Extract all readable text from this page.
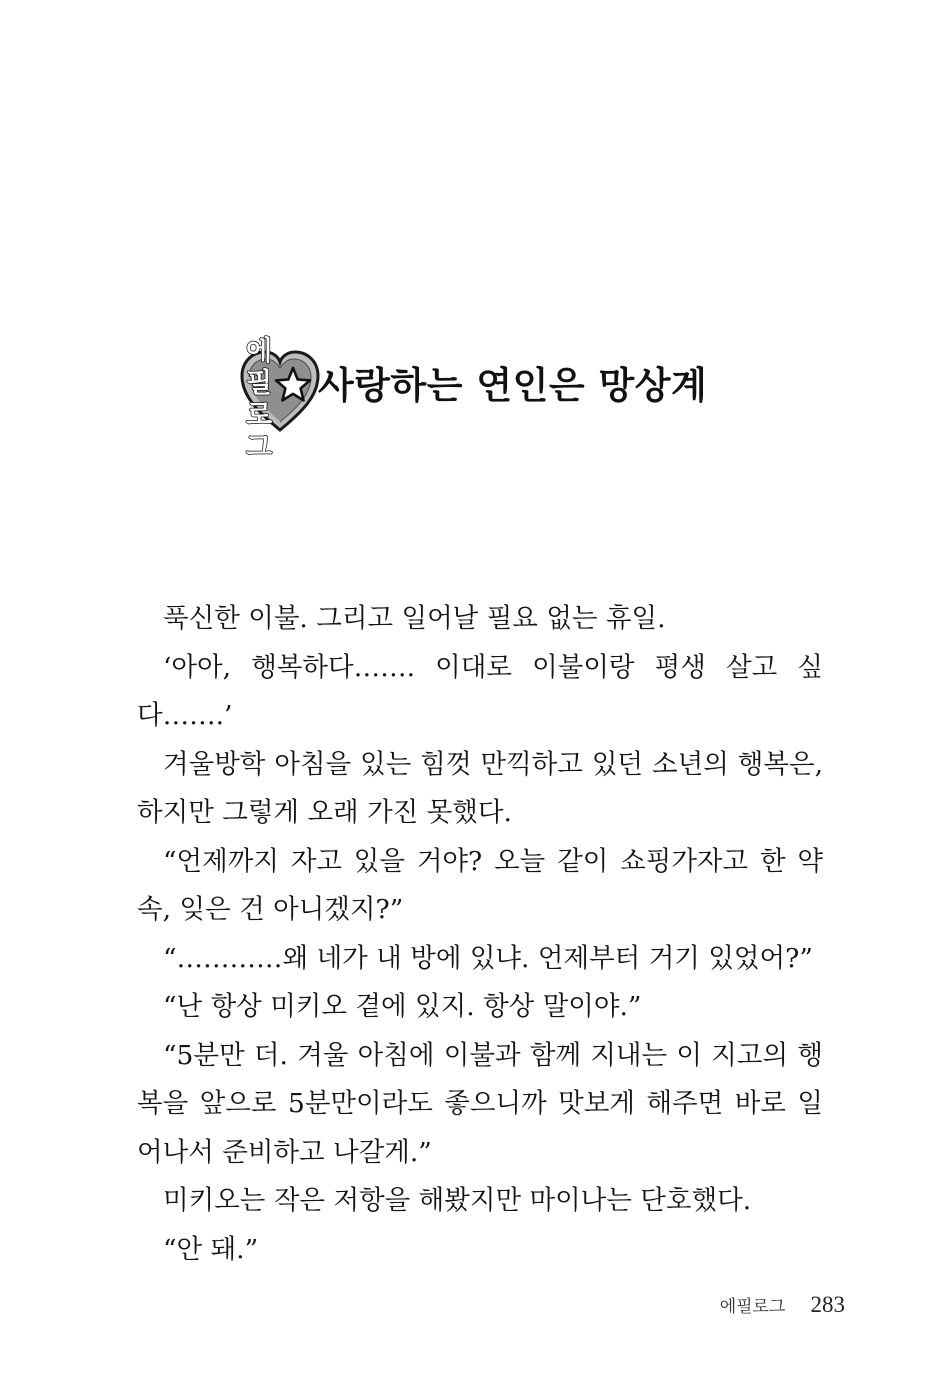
에필로그
사랑하는 연인은 망상계

푹신한 이불. 그리고 일어날 필요 없는 휴일.

‘아아, 행복하다……. 이대로 이불이랑 평생 살고 싶다…….’

겨울방학 아침을 있는 힘껏 만끽하고 있던 소년의 행복은, 하지만 그렇게 오래 가진 못했다.

“언제까지 자고 있을 거야? 오늘 같이 쇼핑가자고 한 약속, 잊은 건 아니겠지?”

“…………왜 네가 내 방에 있냐. 언제부터 거기 있었어?”

“난 항상 미키오 곁에 있지. 항상 말이야.”

“5분만 더. 겨울 아침에 이불과 함께 지내는 이 지고의 행복을 앞으로 5분만이라도 좋으니까 맛보게 해주면 바로 일어나서 준비하고 나갈게.”

미키오는 작은 저항을 해봤지만 마이나는 단호했다.

“안 돼.”

에필로그 283
